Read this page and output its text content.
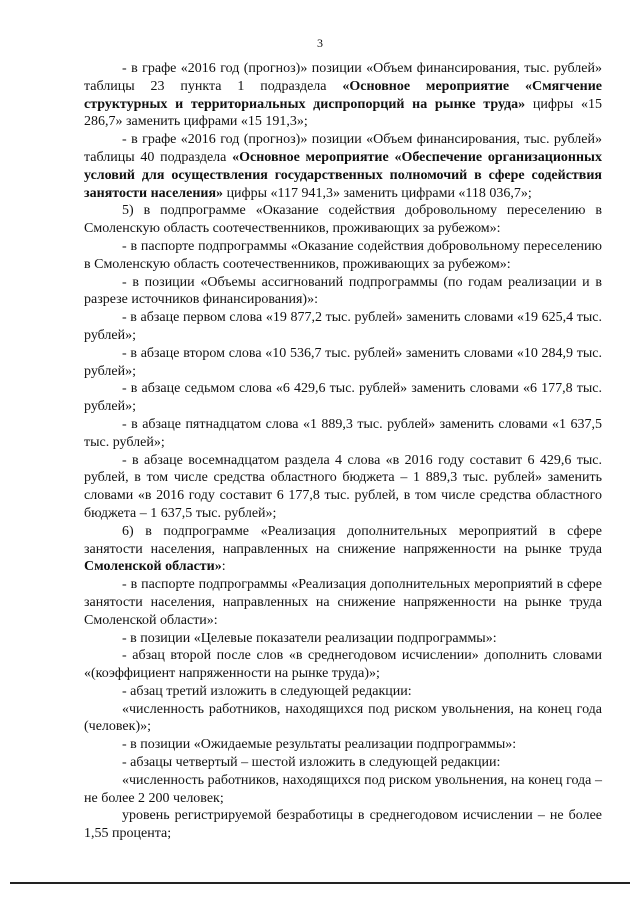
3

- в графе «2016 год (прогноз)» позиции «Объем финансирования, тыс. рублей» таблицы 23 пункта 1 подраздела «Основное мероприятие «Смягчение структурных и территориальных диспропорций на рынке труда» цифры «15 286,7» заменить цифрами «15 191,3»;

- в графе «2016 год (прогноз)» позиции «Объем финансирования, тыс. рублей» таблицы 40 подраздела «Основное мероприятие «Обеспечение организационных условий для осуществления государственных полномочий в сфере содействия занятости населения» цифры «117 941,3» заменить цифрами «118 036,7»;

5) в подпрограмме «Оказание содействия добровольному переселению в Смоленскую область соотечественников, проживающих за рубежом»:

- в паспорте подпрограммы «Оказание содействия добровольному переселению в Смоленскую область соотечественников, проживающих за рубежом»:

- в позиции «Объемы ассигнований подпрограммы (по годам реализации и в разрезе источников финансирования)»:

- в абзаце первом слова «19 877,2 тыс. рублей» заменить словами «19 625,4 тыс. рублей»;

- в абзаце втором слова «10 536,7 тыс. рублей» заменить словами «10 284,9 тыс. рублей»;

- в абзаце седьмом слова «6 429,6 тыс. рублей» заменить словами «6 177,8 тыс. рублей»;

- в абзаце пятнадцатом слова «1 889,3 тыс. рублей» заменить словами «1 637,5 тыс. рублей»;

- в абзаце восемнадцатом раздела 4 слова «в 2016 году составит 6 429,6 тыс. рублей, в том числе средства областного бюджета – 1 889,3 тыс. рублей» заменить словами «в 2016 году составит 6 177,8 тыс. рублей, в том числе средства областного бюджета – 1 637,5 тыс. рублей»;

6) в подпрограмме «Реализация дополнительных мероприятий в сфере занятости населения, направленных на снижение напряженности на рынке труда Смоленской области»:

- в паспорте подпрограммы «Реализация дополнительных мероприятий в сфере занятости населения, направленных на снижение напряженности на рынке труда Смоленской области»:

- в позиции «Целевые показатели реализации подпрограммы»:

- абзац второй после слов «в среднегодовом исчислении» дополнить словами «(коэффициент напряженности на рынке труда)»;

- абзац третий изложить в следующей редакции:

«численность работников, находящихся под риском увольнения, на конец года (человек)»;

- в позиции «Ожидаемые результаты реализации подпрограммы»:

- абзацы четвертый – шестой изложить в следующей редакции:

«численность работников, находящихся под риском увольнения, на конец года – не более 2 200 человек;

уровень регистрируемой безработицы в среднегодовом исчислении – не более 1,55 процента;
